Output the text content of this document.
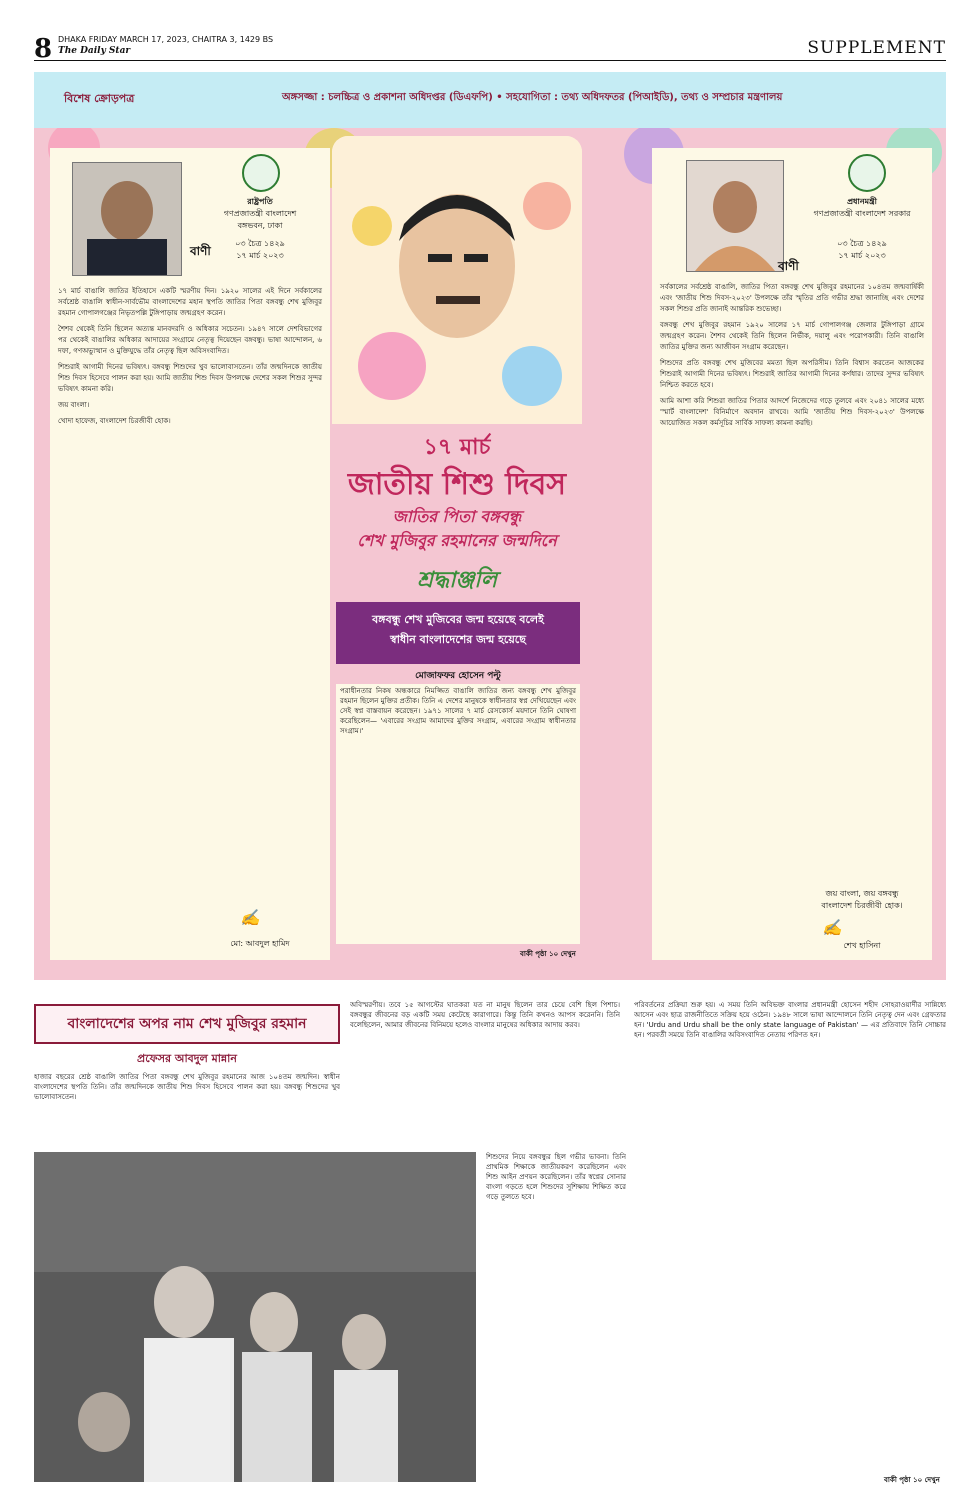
8 DHAKA FRIDAY MARCH 17, 2023, CHAITRA 3, 1429 BS
The Daily Star	SUPPLEMENT
বিশেষ ক্রোড়পত্র	অঙ্গসজ্জা : চলচ্চিত্র ও প্রকাশনা অধিদপ্তর (ডিএফপি) • সহযোগিতা : তথ্য অধিদফতর (পিআইডি), তথ্য ও সম্প্রচার মন্ত্রণালয়
রাষ্ট্রপতি
গণপ্রজাতন্ত্রী বাংলাদেশ
বঙ্গভবন, ঢাকা
০৩ চৈত্র ১৪২৯
১৭ মার্চ ২০২৩
বাণী

১৭ মার্চ বাঙালি জাতির ইতিহাসে একটি স্মরণীয় দিন। ১৯২০ সালের এই দিনে সর্বকালের সর্বশ্রেষ্ঠ বাঙালি স্বাধীন-সার্বভৌম বাংলাদেশের মহান স্থপতি জাতির পিতা বঙ্গবন্ধু শেখ মুজিবুর রহমান গোপালগঞ্জের নিভৃতপল্লি টুঙ্গিপাড়ায় জন্মগ্রহণ করেন।

শৈশব থেকেই তিনি ছিলেন অত্যন্ত মানবদরদি ও অধিকার সচেতন। ১৯৪৭ সালে দেশবিভাগের পর থেকেই বাঙালির অধিকার আদায়ের সংগ্রামে নেতৃত্ব দিয়েছেন বঙ্গবন্ধু। ভাষা আন্দোলন, ৬ দফা, গণঅভ্যুত্থান ও মুক্তিযুদ্ধে তাঁর নেতৃত্ব ছিল অবিসংবাদিত।

শিশুরাই আগামী দিনের ভবিষ্যৎ। বঙ্গবন্ধু শিশুদের খুব ভালোবাসতেন। তাঁর জন্মদিনকে জাতীয় শিশু দিবস হিসেবে পালন করা হয়। আমি জাতীয় শিশু দিবস উপলক্ষে দেশের সকল শিশুর সুন্দর ভবিষ্যৎ কামনা করি।

জয় বাংলা।

খোদা হাফেজ, বাংলাদেশ চিরজীবী হোক।

✍
মো: আবদুল হামিদ
প্রধানমন্ত্রী
গণপ্রজাতন্ত্রী বাংলাদেশ সরকার
০৩ চৈত্র ১৪২৯
১৭ মার্চ ২০২৩
বাণী

সর্বকালের সর্বশ্রেষ্ঠ বাঙালি, জাতির পিতা বঙ্গবন্ধু শেখ মুজিবুর রহমানের ১০৪তম জন্মবার্ষিকী এবং 'জাতীয় শিশু দিবস-২০২৩' উপলক্ষে তাঁর স্মৃতির প্রতি গভীর শ্রদ্ধা জানাচ্ছি এবং দেশের সকল শিশুর প্রতি জানাই আন্তরিক শুভেচ্ছা।

বঙ্গবন্ধু শেখ মুজিবুর রহমান ১৯২০ সালের ১৭ মার্চ গোপালগঞ্জ জেলার টুঙ্গিপাড়া গ্রামে জন্মগ্রহণ করেন। শৈশব থেকেই তিনি ছিলেন নির্ভীক, দয়ালু এবং পরোপকারী। তিনি বাঙালি জাতির মুক্তির জন্য আজীবন সংগ্রাম করেছেন।

শিশুদের প্রতি বঙ্গবন্ধু শেখ মুজিবের মমতা ছিল অপরিসীম। তিনি বিশ্বাস করতেন আজকের শিশুরাই আগামী দিনের ভবিষ্যৎ। শিশুরাই জাতির আগামী দিনের কর্ণধার। তাদের সুন্দর ভবিষ্যৎ নিশ্চিত করতে হবে।

আমি আশা করি শিশুরা জাতির পিতার আদর্শে নিজেদের গড়ে তুলবে এবং ২০৪১ সালের মধ্যে 'স্মার্ট বাংলাদেশ' বিনির্মাণে অবদান রাখবে। আমি 'জাতীয় শিশু দিবস-২০২৩' উপলক্ষে আয়োজিত সকল কর্মসূচির সার্বিক সাফল্য কামনা করছি।

জয় বাংলা, জয় বঙ্গবন্ধু
বাংলাদেশ চিরজীবী হোক।
✍
শেখ হাসিনা
১৭ মার্চ
জাতীয় শিশু দিবস
জাতির পিতা বঙ্গবন্ধু
শেখ মুজিবুর রহমানের জন্মদিনে
শ্রদ্ধাঞ্জলি
বঙ্গবন্ধু শেখ মুজিবের জন্ম হয়েছে বলেই
স্বাধীন বাংলাদেশের জন্ম হয়েছে
মোজাফফর হোসেন পল্টু
পরাধীনতার নিকষ অন্ধকারে নিমজ্জিত বাঙালি জাতির জন্য বঙ্গবন্ধু শেখ মুজিবুর রহমান ছিলেন মুক্তির প্রতীক। তিনি এ দেশের মানুষকে স্বাধীনতার স্বপ্ন দেখিয়েছেন এবং সেই স্বপ্ন বাস্তবায়ন করেছেন। ১৯৭১ সালের ৭ মার্চ রেসকোর্স ময়দানে তিনি ঘোষণা করেছিলেন— 'এবারের সংগ্রাম আমাদের মুক্তির সংগ্রাম, এবারের সংগ্রাম স্বাধীনতার সংগ্রাম।'
বাকী পৃষ্ঠা ১০ দেখুন
বাংলাদেশের অপর নাম শেখ মুজিবুর রহমান
প্রফেসর আবদুল মান্নান
হাজার বছরের শ্রেষ্ঠ বাঙালি জাতির পিতা বঙ্গবন্ধু শেখ মুজিবুর রহমানের আজ ১০৪তম জন্মদিন। স্বাধীন বাংলাদেশের স্থপতি তিনি। তাঁর জন্মদিনকে জাতীয় শিশু দিবস হিসেবে পালন করা হয়। বঙ্গবন্ধু শিশুদের খুব ভালোবাসতেন।
অবিস্মরণীয়। তবে ১৫ আগস্টের ঘাতকরা যত না মানুষ ছিলেন তার চেয়ে বেশি ছিল পিশাচ। বঙ্গবন্ধুর জীবনের বড় একটি সময় কেটেছে কারাগারে। কিন্তু তিনি কখনও আপস করেননি। তিনি বলেছিলেন, আমার জীবনের বিনিময়ে হলেও বাংলার মানুষের অধিকার আদায় করব।
শিশুদের নিয়ে বঙ্গবন্ধুর ছিল গভীর ভাবনা। তিনি প্রাথমিক শিক্ষাকে জাতীয়করণ করেছিলেন এবং শিশু আইন প্রণয়ন করেছিলেন। তাঁর স্বপ্নের সোনার বাংলা গড়তে হলে শিশুদের সুশিক্ষায় শিক্ষিত করে গড়ে তুলতে হবে।
পরিবর্তনের প্রক্রিয়া শুরু হয়। এ সময় তিনি অবিভক্ত বাংলার প্রধানমন্ত্রী হোসেন শহীদ সোহরাওয়ার্দীর সান্নিধ্যে আসেন এবং ছাত্র রাজনীতিতে সক্রিয় হয়ে ওঠেন। ১৯৪৮ সালে ভাষা আন্দোলনে তিনি নেতৃত্ব দেন এবং গ্রেফতার হন। 'Urdu and Urdu shall be the only state language of Pakistan' — এর প্রতিবাদে তিনি সোচ্চার হন। পরবর্তী সময়ে তিনি বাঙালির অবিসংবাদিত নেতায় পরিণত হন।
বাকী পৃষ্ঠা ১০ দেখুন
